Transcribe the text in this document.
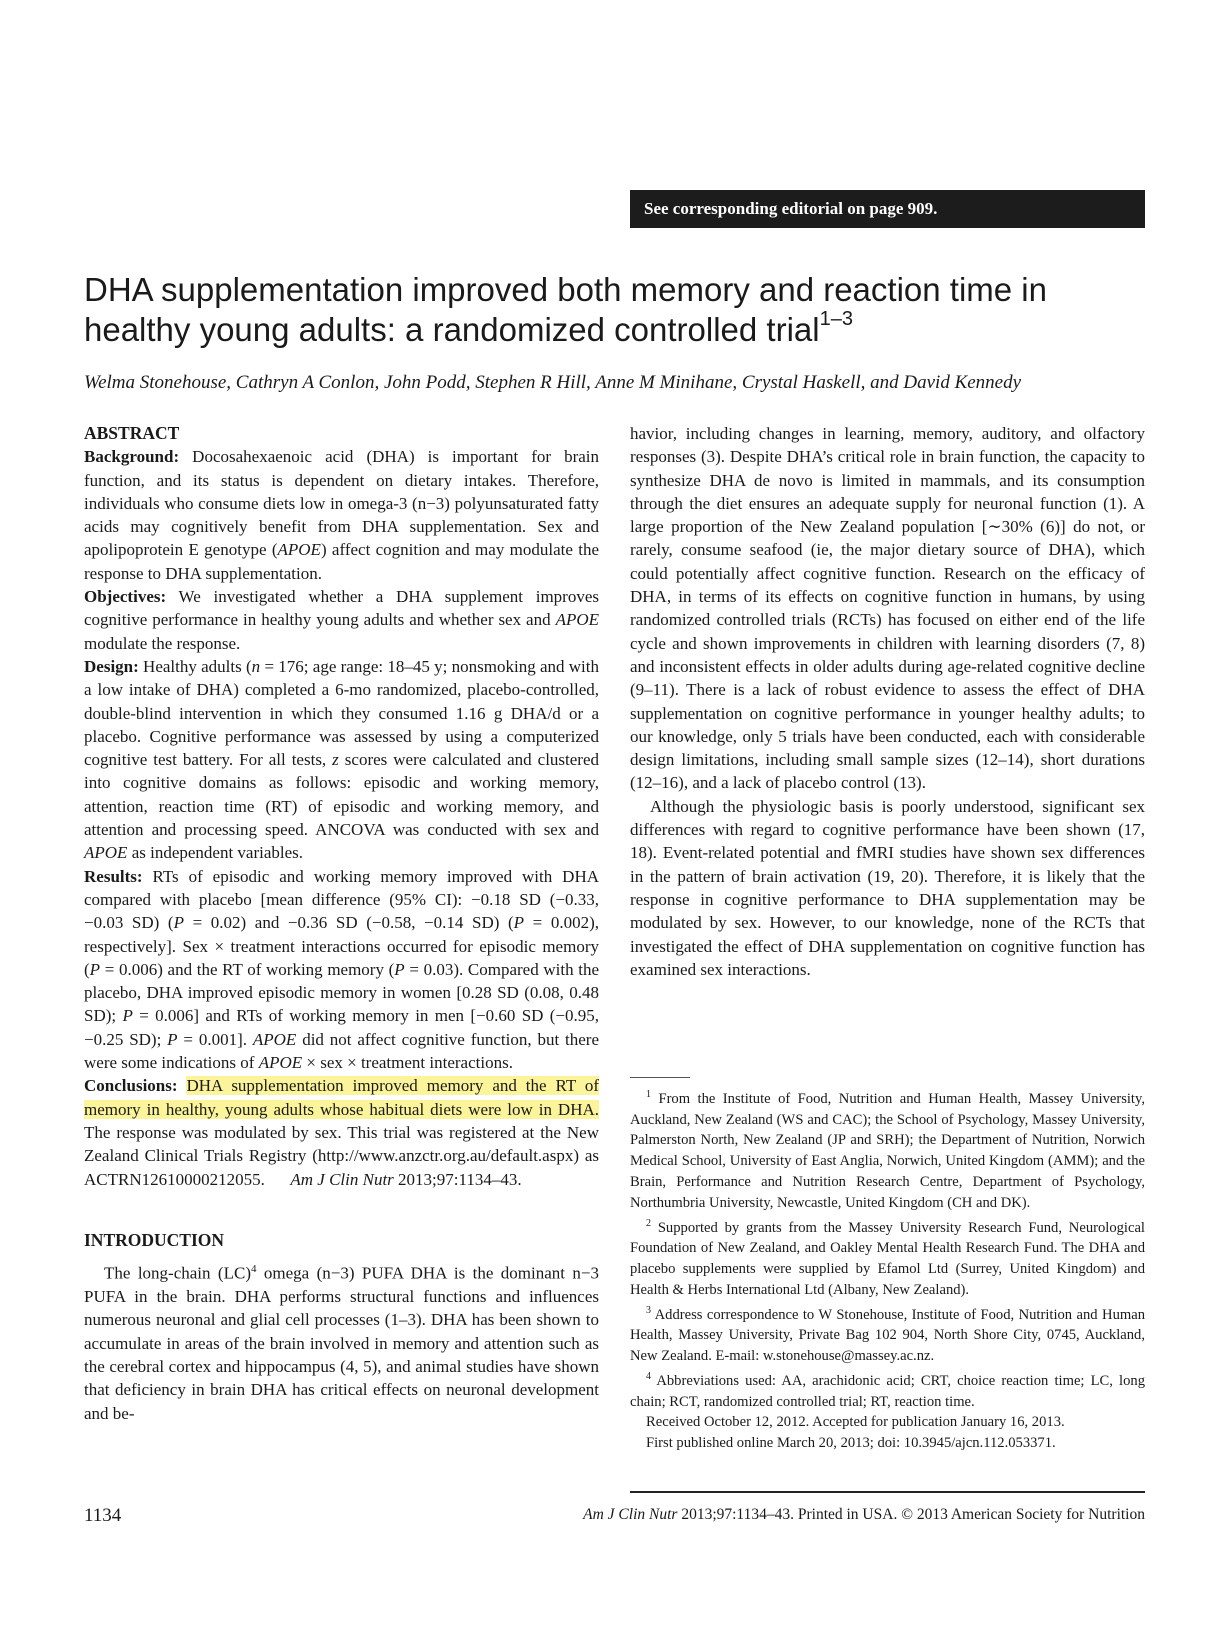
See corresponding editorial on page 909.
DHA supplementation improved both memory and reaction time in healthy young adults: a randomized controlled trial$^{1-3}$
Welma Stonehouse, Cathryn A Conlon, John Podd, Stephen R Hill, Anne M Minihane, Crystal Haskell, and David Kennedy

ABSTRACT

Background: Docosahexaenoic acid (DHA) is important for brain function, and its status is dependent on dietary intakes. Therefore, individuals who consume diets low in omega-3 (n−3) polyunsaturated fatty acids may cognitively benefit from DHA supplementation. Sex and apolipoprotein E genotype (APOE) affect cognition and may modulate the response to DHA supplementation.

Objectives: We investigated whether a DHA supplement improves cognitive performance in healthy young adults and whether sex and APOE modulate the response.

Design: Healthy adults (n = 176; age range: 18–45 y; nonsmoking and with a low intake of DHA) completed a 6-mo randomized, placebo-controlled, double-blind intervention in which they consumed 1.16 g DHA/d or a placebo. Cognitive performance was assessed by using a computerized cognitive test battery. For all tests, z scores were calculated and clustered into cognitive domains as follows: episodic and working memory, attention, reaction time (RT) of episodic and working memory, and attention and processing speed. ANCOVA was conducted with sex and APOE as independent variables.

Results: RTs of episodic and working memory improved with DHA compared with placebo [mean difference (95% CI): −0.18 SD (−0.33, −0.03 SD) (P = 0.02) and −0.36 SD (−0.58, −0.14 SD) (P = 0.002), respectively]. Sex × treatment interactions occurred for episodic memory (P = 0.006) and the RT of working memory (P = 0.03). Compared with the placebo, DHA improved episodic memory in women [0.28 SD (0.08, 0.48 SD); P = 0.006] and RTs of working memory in men [−0.60 SD (−0.95, −0.25 SD); P = 0.001]. APOE did not affect cognitive function, but there were some indications of APOE × sex × treatment interactions.

Conclusions: DHA supplementation improved memory and the RT of memory in healthy, young adults whose habitual diets were low in DHA. The response was modulated by sex. This trial was registered at the New Zealand Clinical Trials Registry (http://www.anzctr.org.au/default.aspx) as ACTRN12610000212055. Am J Clin Nutr 2013;97:1134–43.

INTRODUCTION

The long-chain (LC)$^4$ omega (n−3) PUFA DHA is the dominant n−3 PUFA in the brain. DHA performs structural functions and influences numerous neuronal and glial cell processes (1–3). DHA has been shown to accumulate in areas of the brain involved in memory and attention such as the cerebral cortex and hippocampus (4, 5), and animal studies have shown that deficiency in brain DHA has critical effects on neuronal development and be-

havior, including changes in learning, memory, auditory, and olfactory responses (3). Despite DHA’s critical role in brain function, the capacity to synthesize DHA de novo is limited in mammals, and its consumption through the diet ensures an adequate supply for neuronal function (1). A large proportion of the New Zealand population [∼30% (6)] do not, or rarely, consume seafood (ie, the major dietary source of DHA), which could potentially affect cognitive function. Research on the efficacy of DHA, in terms of its effects on cognitive function in humans, by using randomized controlled trials (RCTs) has focused on either end of the life cycle and shown improvements in children with learning disorders (7, 8) and inconsistent effects in older adults during age-related cognitive decline (9–11). There is a lack of robust evidence to assess the effect of DHA supplementation on cognitive performance in younger healthy adults; to our knowledge, only 5 trials have been conducted, each with considerable design limitations, including small sample sizes (12–14), short durations (12–16), and a lack of placebo control (13).

Although the physiologic basis is poorly understood, significant sex differences with regard to cognitive performance have been shown (17, 18). Event-related potential and fMRI studies have shown sex differences in the pattern of brain activation (19, 20). Therefore, it is likely that the response in cognitive performance to DHA supplementation may be modulated by sex. However, to our knowledge, none of the RCTs that investigated the effect of DHA supplementation on cognitive function has examined sex interactions.

$^1$ From the Institute of Food, Nutrition and Human Health, Massey University, Auckland, New Zealand (WS and CAC); the School of Psychology, Massey University, Palmerston North, New Zealand (JP and SRH); the Department of Nutrition, Norwich Medical School, University of East Anglia, Norwich, United Kingdom (AMM); and the Brain, Performance and Nutrition Research Centre, Department of Psychology, Northumbria University, Newcastle, United Kingdom (CH and DK).

$^2$ Supported by grants from the Massey University Research Fund, Neurological Foundation of New Zealand, and Oakley Mental Health Research Fund. The DHA and placebo supplements were supplied by Efamol Ltd (Surrey, United Kingdom) and Health & Herbs International Ltd (Albany, New Zealand).

$^3$ Address correspondence to W Stonehouse, Institute of Food, Nutrition and Human Health, Massey University, Private Bag 102 904, North Shore City, 0745, Auckland, New Zealand. E-mail: w.stonehouse@massey.ac.nz.

$^4$ Abbreviations used: AA, arachidonic acid; CRT, choice reaction time; LC, long chain; RCT, randomized controlled trial; RT, reaction time.

Received October 12, 2012. Accepted for publication January 16, 2013.

First published online March 20, 2013; doi: 10.3945/ajcn.112.053371.

1134	Am J Clin Nutr 2013;97:1134–43. Printed in USA. © 2013 American Society for Nutrition
